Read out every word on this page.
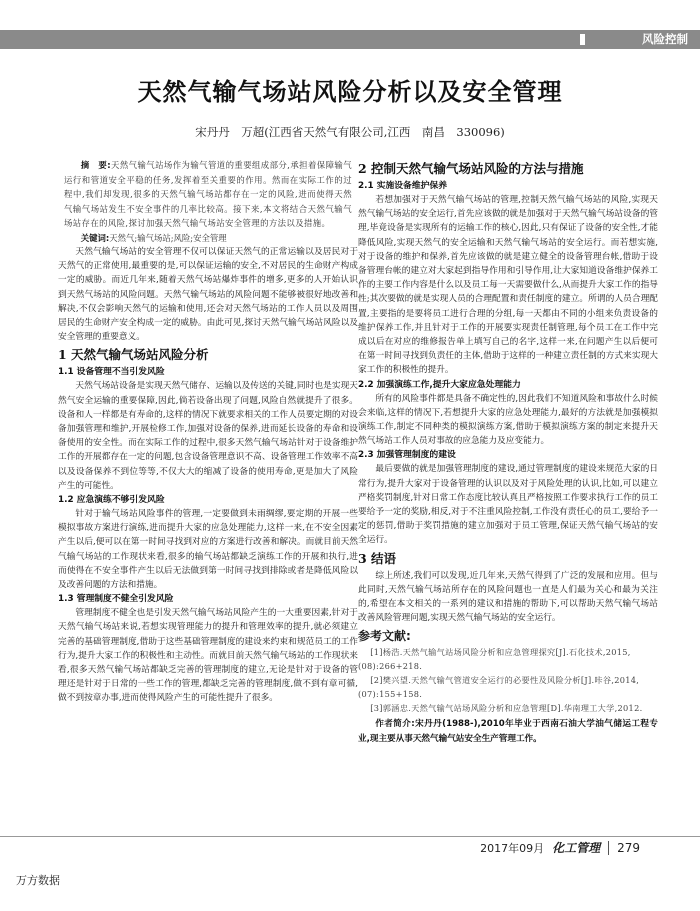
风险控制
天然气输气场站风险分析以及安全管理
宋丹丹　万超(江西省天然气有限公司,江西　南昌　330096)

摘　要:天然气输气站场作为输气管道的重要组成部分,承担着保障输气运行和管道安全平稳的任务,发挥着至关重要的作用。然而在实际工作的过程中,我们却发现,很多的天然气输气场站都存在一定的风险,进而使得天然气输气场站发生不安全事件的几率比较高。接下来,本文将结合天然气输气场站存在的风险,探讨加强天然气输气场站安全管理的方法以及措施。

关键词:天然气;输气场站;风险;安全管理

天然气输气场站的安全管理不仅可以保证天然气的正常运输以及居民对于天然气的正常使用,最重要的是,可以保证运输的安全,不对居民的生命财产构成一定的威胁。而近几年来,随着天然气场站爆炸事件的增多,更多的人开始认识到天然气场站的风险问题。天然气输气场站的风险问题不能够被很好地改善和解决,不仅会影响天然气的运输和使用,还会对天然气场站的工作人员以及周围居民的生命财产安全构成一定的威胁。由此可见,探讨天然气输气场站风险以及安全管理的重要意义。

1 天然气输气场站风险分析
1.1 设备管理不当引发风险

天然气场站设备是实现天然气储存、运输以及传送的关键,同时也是实现天然气安全运输的重要保障,因此,倘若设备出现了问题,风险自然就提升了很多。设备和人一样都是有寿命的,这样的情况下就要求相关的工作人员要定期的对设备加强管理和维护,开展检修工作,加强对设备的保养,进而延长设备的寿命和设备使用的安全性。而在实际工作的过程中,很多天然气输气场站针对于设备维护工作的开展都存在一定的问题,包含设备管理意识不高、设备管理工作效率不高以及设备保养不到位等等,不仅大大的缩减了设备的使用寿命,更是加大了风险产生的可能性。

1.2 应急演练不够引发风险

针对于输气场站风险事件的管理,一定要做到未雨绸缪,要定期的开展一些模拟事故方案进行演练,进而提升大家的应急处理能力,这样一来,在不安全因素产生以后,便可以在第一时间寻找到对应的方案进行改善和解决。而就目前天然气输气场站的工作现状来看,很多的输气场站都缺乏演练工作的开展和执行,进而使得在不安全事件产生以后无法做到第一时间寻找到排除或者是降低风险以及改善问题的方法和措施。

1.3 管理制度不健全引发风险

管理制度不健全也是引发天然气输气场站风险产生的一大重要因素,针对于天然气输气场站来说,若想实现管理能力的提升和管理效率的提升,就必须建立完善的基础管理制度,借助于这些基础管理制度的建设来约束和规范员工的工作行为,提升大家工作的积极性和主动性。而就目前天然气输气场站的工作现状来看,很多天然气输气场站都缺乏完善的管理制度的建立,无论是针对于设备的管理还是针对于日常的一些工作的管理,都缺乏完善的管理制度,做不到有章可循,做不到按章办事,进而使得风险产生的可能性提升了很多。

2 控制天然气输气场站风险的方法与措施
2.1 实施设备维护保养

若想加强对于天然气输气场站的管理,控制天然气输气场站的风险,实现天然气输气场站的安全运行,首先应该做的就是加强对于天然气输气场站设备的管理,毕竟设备是实现所有的运输工作的核心,因此,只有保证了设备的安全性,才能降低风险,实现天然气的安全运输和天然气输气场站的安全运行。而若想实施,对于设备的维护和保养,首先应该做的就是建立健全的设备管理台帐,借助于设备管理台帐的建立对大家起到指导作用和引导作用,让大家知道设备维护保养工作的主要工作内容是什么以及员工每一天需要做什么,从而提升大家工作的指导性;其次要做的就是实现人员的合理配置和责任制度的建立。所谓的人员合理配置,主要指的是要将员工进行合理的分组,每一天都由不同的小组来负责设备的维护保养工作,并且针对于工作的开展要实现责任制管理,每个员工在工作中完成以后在对应的维修报告单上填写自己的名字,这样一来,在问题产生以后便可在第一时间寻找到负责任的主体,借助于这样的一种建立责任制的方式来实现大家工作的积极性的提升。

2.2 加强演练工作,提升大家应急处理能力

所有的风险事件都是具备不确定性的,因此我们不知道风险和事故什么时候会来临,这样的情况下,若想提升大家的应急处理能力,最好的方法就是加强模拟演练工作,制定不同种类的模拟演练方案,借助于模拟演练方案的制定来提升天然气场站工作人员对事故的应急能力及应变能力。

2.3 加强管理制度的建设

最后要做的就是加强管理制度的建设,通过管理制度的建设来规范大家的日常行为,提升大家对于设备管理的认识以及对于风险处理的认识,比如,可以建立严格奖罚制度,针对日常工作态度比较认真且严格按照工作要求执行工作的员工要给予一定的奖励,相反,对于不注重风险控制,工作没有责任心的员工,要给予一定的惩罚,借助于奖罚措施的建立加强对于员工管理,保证天然气输气场站的安全运行。

3 结语

综上所述,我们可以发现,近几年来,天然气得到了广泛的发展和应用。但与此同时,天然气输气场站所存在的风险问题也一直是人们最为关心和最为关注的,希望在本文相关的一系列的建议和措施的帮助下,可以帮助天然气输气场站改善风险管理问题,实现天然气输气场站的安全运行。

参考文献:

[1]杨浩.天然气输气站场风险分析和应急管理探究[J].石化技术,2015,(08):266+218.

[2]樊兴望.天然气输气管道安全运行的必要性及风险分析[J].咔谷,2014,(07):155+158.

[3]郭涵忠.天然气输气站场风险分析和应急管理[D].华南理工大学,2012.

作者简介:宋丹丹(1988-),2010年毕业于西南石油大学油气储运工程专业,现主要从事天然气输气站安全生产管理工作。

2017年09月 化工管理 279
万方数据
